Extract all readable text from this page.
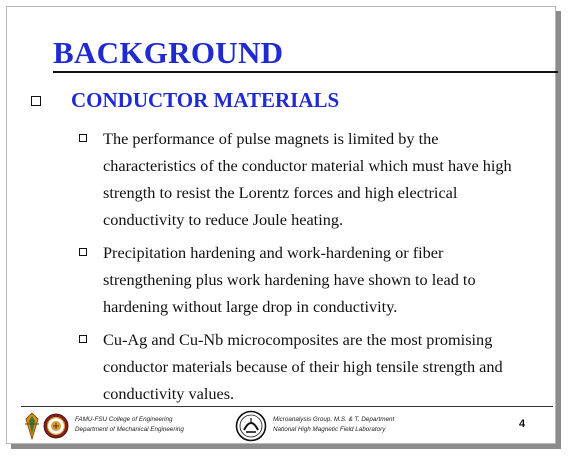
BACKGROUND
CONDUCTOR MATERIALS
The performance of pulse magnets is limited by the characteristics of the conductor material which must have high strength to resist the Lorentz forces and high electrical conductivity to reduce Joule heating.
Precipitation hardening and work-hardening or fiber strengthening plus work hardening have shown to lead to hardening without large drop in conductivity.
Cu-Ag and Cu-Nb microcomposites are the most promising conductor materials because of their high tensile strength and conductivity values.
FAMU-FSU College of Engineering
Department of Mechanical Engineering
Microanalysis Group, M.S. & T. Department
National High Magnetic Field Laboratory	4
